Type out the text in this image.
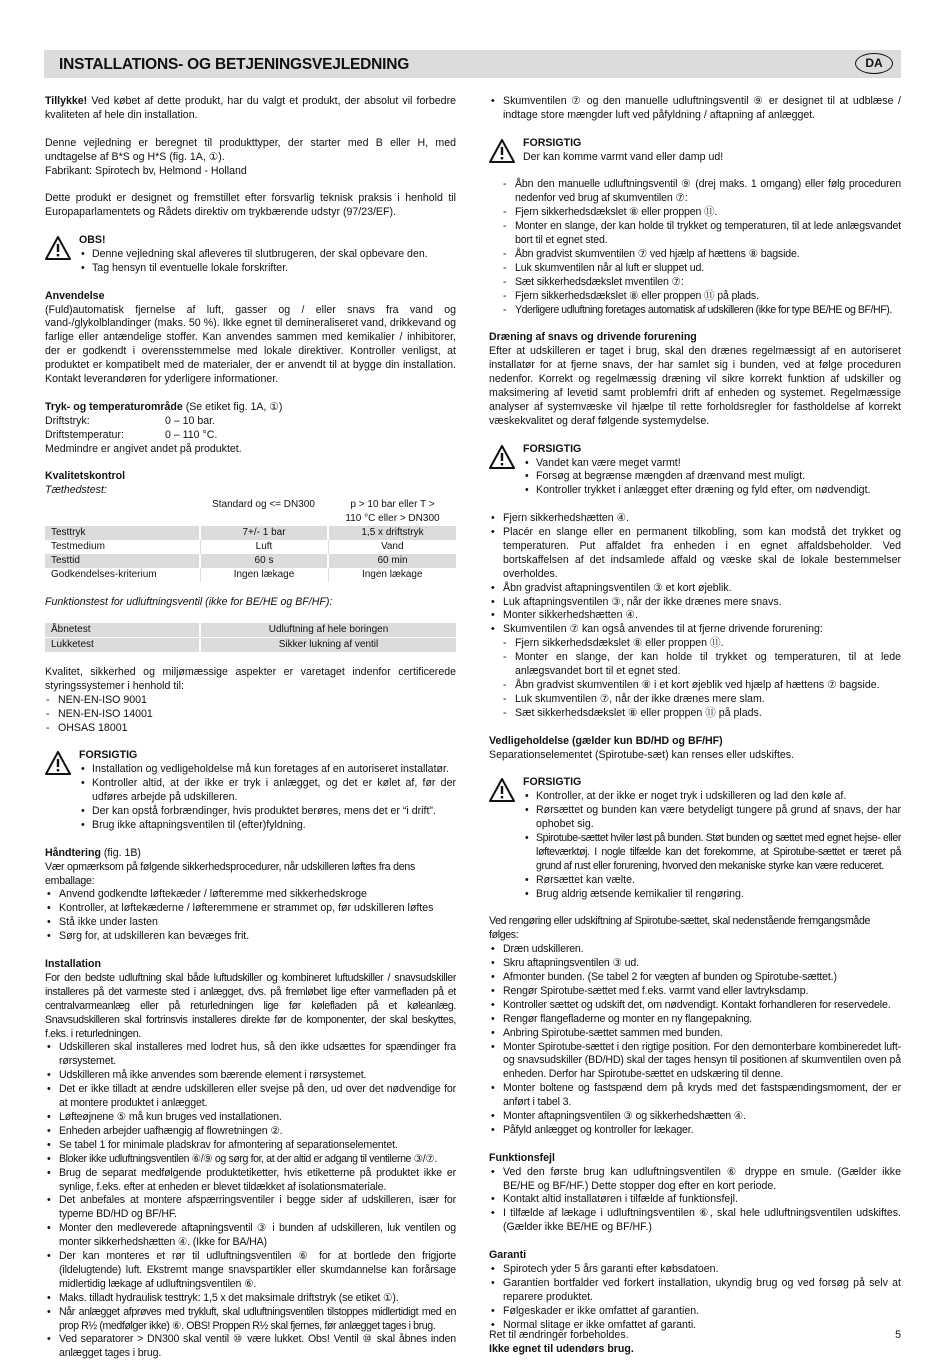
INSTALLATIONS- OG BETJENINGSVEJLEDNING	DA
Tillykke! Ved købet af dette produkt, har du valgt et produkt, der absolut vil forbedre kvaliteten af hele din installation.
Denne vejledning er beregnet til produkttyper, der starter med B eller H, med undtagelse af B*S og H*S (fig. 1A, ①).
Fabrikant: Spirotech bv, Helmond - Holland
Dette produkt er designet og fremstillet efter forsvarlig teknisk praksis i henhold til Europaparlamentets og Rådets direktiv om trykbærende udstyr (97/23/EF).
OBS!
• Denne vejledning skal afleveres til slutbrugeren, der skal opbevare den.
• Tag hensyn til eventuelle lokale forskrifter.
Anvendelse
(Fuld)automatisk fjernelse af luft, gasser og / eller snavs fra vand og vand-/glykolblandinger (maks. 50 %). Ikke egnet til demineraliseret vand, drikkevand og farlige eller antændelige stoffer. Kan anvendes sammen med kemikalier / inhibitorer, der er godkendt i overensstemmelse med lokale direktiver. Kontroller venligst, at produktet er kompatibelt med de materialer, der er anvendt til at bygge din installation. Kontakt leverandøren for yderligere informationer.
Tryk- og temperaturområde (Se etiket fig. 1A, ①)
Driftstryk:	0 – 10 bar.
Driftstemperatur:	0 – 110 °C.
Medmindre er angivet andet på produktet.
Kvalitetskontrol
Tæthedstest:
	Standard og <= DN300	p > 10 bar eller T >
110 °C eller > DN300

Testtryk	7+/- 1 bar	1,5 x driftstryk
Testmedium	Luft	Vand
Testtid	60 s	60 min
Godkendelses-kriterium	Ingen lækage	Ingen lækage
Funktionstest for udluftningsventil (ikke for BE/HE og BF/HF):
Åbnetest	Udluftning af hele boringen
Lukketest	Sikker lukning af ventil
Kvalitet, sikkerhed og miljømæssige aspekter er varetaget indenfor certificerede styringssystemer i henhold til:
- NEN-EN-ISO 9001
- NEN-EN-ISO 14001
- OHSAS 18001
FORSIGTIG
• Installation og vedligeholdelse må kun foretages af en autoriseret installatør.
• Kontroller altid, at der ikke er tryk i anlægget, og det er kølet af, før der udføres arbejde på udskilleren.
• Der kan opstå forbrændinger, hvis produktet berøres, mens det er “i drift”.
• Brug ikke aftapningsventilen til (efter)fyldning.
Håndtering (fig. 1B)
Vær opmærksom på følgende sikkerhedsprocedurer, når udskilleren løftes fra dens emballage:
• Anvend godkendte løftekæder / løfteremme med sikkerhedskroge
• Kontroller, at løftekæderne / løfteremmene er strammet op, før udskilleren løftes
• Stå ikke under lasten
• Sørg for, at udskilleren kan bevæges frit.
Installation
For den bedste udluftning skal både luftudskiller og kombineret luftudskiller / snavsudskiller installeres på det varmeste sted i anlægget, dvs. på fremløbet lige efter varmefladen på et centralvarmeanlæg eller på returledningen lige før kølefladen på et køleanlæg. Snavsudskilleren skal fortrinsvis installeres direkte før de komponenter, der skal beskyttes, f.eks. i returledningen.
• Udskilleren skal installeres med lodret hus, så den ikke udsættes for spændinger fra rørsystemet.
• Udskilleren må ikke anvendes som bærende element i rørsystemet.
• Det er ikke tilladt at ændre udskilleren eller svejse på den, ud over det nødvendige for at montere produktet i anlægget.
• Løfteøjnene ⑤ må kun bruges ved installationen.
• Enheden arbejder uafhængig af flowretningen ②.
• Se tabel 1 for minimale pladskrav for afmontering af separationselementet.
• Bloker ikke udluftningsventilen ⑥/⑨ og sørg for, at der altid er adgang til ventilerne ③/⑦.
• Brug de separat medfølgende produktetiketter, hvis etiketterne på produktet ikke er synlige, f.eks. efter at enheden er blevet tildækket af isolationsmateriale.
• Det anbefales at montere afspærringsventiler i begge sider af udskilleren, især for typerne BD/HD og BF/HF.
• Monter den medleverede aftapningsventil ③ i bunden af udskilleren, luk ventilen og monter sikkerhedshætten ④. (Ikke for BA/HA)
• Der kan monteres et rør til udluftningsventilen ⑥ for at bortlede den frigjorte (ildelugtende) luft. Ekstremt mange snavspartikler eller skumdannelse kan forårsage midlertidig lækage af udluftningsventilen ⑥.
• Maks. tilladt hydraulisk testtryk: 1,5 x det maksimale driftstryk (se etiket ①).
• Når anlægget afprøves med trykluft, skal udluftningsventilen tilstoppes midlertidigt med en prop R½ (medfølger ikke) ⑥. OBS! Proppen R½ skal fjernes, før anlægget tages i brug.
• Ved separatorer > DN300 skal ventil ⑩ være lukket. Obs! Ventil ⑩ skal åbnes inden anlægget tages i brug.
• Skumventilen ⑦ og den manuelle udluftningsventil ⑨ er designet til at udblæse / indtage store mængder luft ved påfyldning / aftapning af anlægget.
FORSIGTIG
Der kan komme varmt vand eller damp ud!
- Åbn den manuelle udluftningsventil ⑨ (drej maks. 1 omgang) eller følg proceduren nedenfor ved brug af skumventilen ⑦:
- Fjern sikkerhedsdækslet ⑧ eller proppen ⑪.
- Monter en slange, der kan holde til trykket og temperaturen, til at lede anlægsvandet bort til et egnet sted.
- Åbn gradvist skumventilen ⑦ ved hjælp af hættens ⑧ bagside.
- Luk skumventilen når al luft er sluppet ud.
- Sæt sikkerhedsdækslet mventilen ⑦:
- Fjern sikkerhedsdækslet ⑧ eller proppen ⑪ på plads.
- Yderligere udluftning foretages automatisk af udskilleren (ikke for type BE/HE og BF/HF).
Dræning af snavs og drivende forurening
Efter at udskilleren er taget i brug, skal den drænes regelmæssigt af en autoriseret installatør for at fjerne snavs, der har samlet sig i bunden, ved at følge proceduren nedenfor. Korrekt og regelmæssig dræning vil sikre korrekt funktion af udskiller og maksimering af levetid samt problemfri drift af enheden og systemet. Regelmæssige analyser af systemvæske vil hjælpe til rette forholdsregler for fastholdelse af korrekt væskekvalitet og deraf følgende systemydelse.
FORSIGTIG
• Vandet kan være meget varmt!
• Forsøg at begrænse mængden af drænvand mest muligt.
• Kontroller trykket i anlægget efter dræning og fyld efter, om nødvendigt.
• Fjern sikkerhedshætten ④.
• Placér en slange eller en permanent tilkobling, som kan modstå det trykket og temperaturen. Put affaldet fra enheden i en egnet affaldsbeholder. Ved bortskaffelsen af det indsamlede affald og væske skal de lokale bestemmelser overholdes.
• Åbn gradvist aftapningsventilen ③ et kort øjeblik.
• Luk aftapningsventilen ③, når der ikke drænes mere snavs.
• Monter sikkerhedshætten ④.
• Skumventilen ⑦ kan også anvendes til at fjerne drivende forurening:
- Fjern sikkerhedsdækslet ⑧ eller proppen ⑪.
- Monter en slange, der kan holde til trykket og temperaturen, til at lede anlægsvandet bort til et egnet sted.
- Åbn gradvist skumventilen ⑧ i et kort øjeblik ved hjælp af hættens ⑦ bagside.
- Luk skumventilen ⑦, når der ikke drænes mere slam.
- Sæt sikkerhedsdækslet ⑧ eller proppen ⑪ på plads.
Vedligeholdelse (gælder kun BD/HD og BF/HF)
Separationselementet (Spirotube-sæt) kan renses eller udskiftes.
FORSIGTIG
• Kontroller, at der ikke er noget tryk i udskilleren og lad den køle af.
• Rørsættet og bunden kan være betydeligt tungere på grund af snavs, der har ophobet sig.
• Spirotube-sættet hviler løst på bunden. Støt bunden og sættet med egnet hejse- eller løfteværktøj. I nogle tilfælde kan det forekomme, at Spirotube-sættet er tæret på grund af rust eller forurening, hvorved den mekaniske styrke kan være reduceret.
• Rørsættet kan vælte.
• Brug aldrig ætsende kemikalier til rengøring.
Ved rengøring eller udskiftning af Spirotube-sættet, skal nedenstående fremgangsmåde følges:
• Dræn udskilleren.
• Skru aftapningsventilen ③ ud.
• Afmonter bunden. (Se tabel 2 for vægten af bunden og Spirotube-sættet.)
• Rengør Spirotube-sættet med f.eks. varmt vand eller lavtryksdamp.
• Kontroller sættet og udskift det, om nødvendigt. Kontakt forhandleren for reservedele.
• Rengør flangefladerne og monter en ny flangepakning.
• Anbring Spirotube-sættet sammen med bunden.
• Monter Spirotube-sættet i den rigtige position. For den demonterbare kombineredet luft- og snavsudskiller (BD/HD) skal der tages hensyn til positionen af skumventilen oven på enheden. Derfor har Spirotube-sættet en udskæring til denne.
• Monter boltene og fastspænd dem på kryds med det fastspændingsmoment, der er anført i tabel 3.
• Monter aftapningsventilen ③ og sikkerhedshætten ④.
• Påfyld anlægget og kontroller for lækager.
Funktionsfejl
• Ved den første brug kan udluftningsventilen ⑥ dryppe en smule. (Gælder ikke BE/HE og BF/HF.) Dette stopper dog efter en kort periode.
• Kontakt altid installatøren i tilfælde af funktionsfejl.
• I tilfælde af lækage i udluftningsventilen ⑥, skal hele udluftningsventilen udskiftes. (Gælder ikke BE/HE og BF/HF.)
Garanti
• Spirotech yder 5 års garanti efter købsdatoen.
• Garantien bortfalder ved forkert installation, ukyndig brug og ved forsøg på selv at reparere produktet.
• Følgeskader er ikke omfattet af garantien.
• Normal slitage er ikke omfattet af garanti.
Ret til ændringer forbeholdes.
Ikke egnet til udendørs brug.
5
